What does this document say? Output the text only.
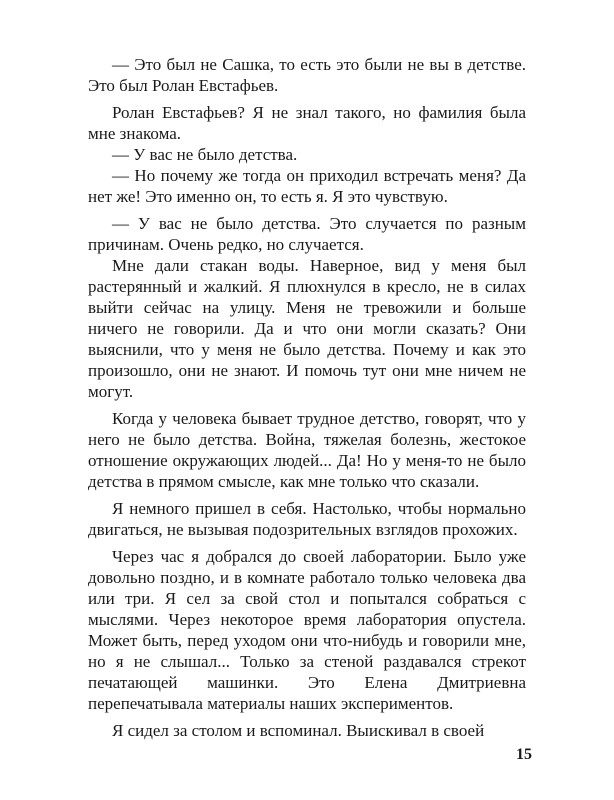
— Это был не Сашка, то есть это были не вы в детстве. Это был Ролан Евстафьев.

Ролан Евстафьев? Я не знал такого, но фамилия была мне знакома.

— У вас не было детства.

— Но почему же тогда он приходил встречать меня? Да нет же! Это именно он, то есть я. Я это чувствую.

— У вас не было детства. Это случается по разным причинам. Очень редко, но случается.

Мне дали стакан воды. Наверное, вид у меня был растерянный и жалкий. Я плюхнулся в кресло, не в силах выйти сейчас на улицу. Меня не тревожили и больше ничего не говорили. Да и что они могли сказать? Они выяснили, что у меня не было детства. Почему и как это произошло, они не знают. И помочь тут они мне ничем не могут.

Когда у человека бывает трудное детство, говорят, что у него не было детства. Война, тяжелая болезнь, жестокое отношение окружающих людей... Да! Но у меня-то не было детства в прямом смысле, как мне только что сказали.

Я немного пришел в себя. Настолько, чтобы нормально двигаться, не вызывая подозрительных взглядов прохожих.

Через час я добрался до своей лаборатории. Было уже довольно поздно, и в комнате работало только человека два или три. Я сел за свой стол и попытался собраться с мыслями. Через некоторое время лаборатория опустела. Может быть, перед уходом они что-нибудь и говорили мне, но я не слышал... Только за стеной раздавался стрекот печатающей машинки. Это Елена Дмитриевна перепечатывала материалы наших экспериментов.

Я сидел за столом и вспоминал. Выискивал в своей

15
